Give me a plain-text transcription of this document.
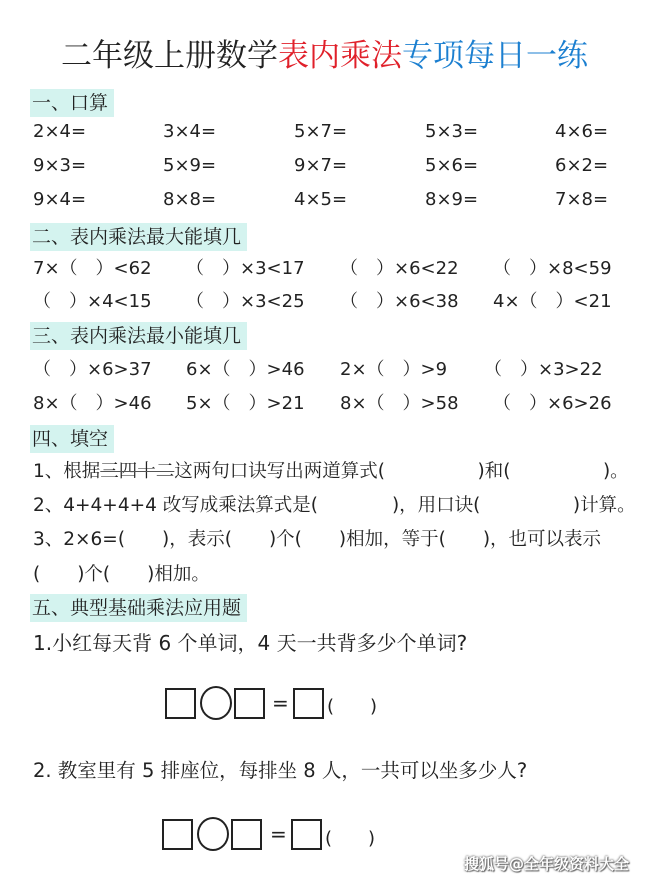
二年级上册数学表内乘法专项每日一练
一、口算
2×4=	3×4=	5×7=	5×3=	4×6=
9×3=	5×9=	9×7=	5×6=	6×2=
9×4=	8×8=	4×5=	8×9=	7×8=
二、表内乘法最大能填几
7×（　）<62 （　）×3<17 （　）×6<22 （　）×8<59
（　）×4<15 （　）×3<25 （　）×6<38 4×（　）<21
三、表内乘法最小能填几
（　）×6>37 6×（　）>46 2×（　）>9 （　）×3>22
8×（　）>46 5×（　）>21 8×（　）>58 （　）×6>26
四、填空
1、根据三四十二这两句口诀写出两道算式(　　　　　)和(　　　　　)。
2、4+4+4+4 改写成乘法算式是(　　　　)，用口诀(　　　　　)计算。
3、2×6=(　　)，表示(　　)个(　　)相加，等于(　　)，也可以表示
(　　)个(　　)相加。
五、典型基础乘法应用题
1.小红每天背 6 个单词，4 天一共背多少个单词?
= (　　)
2. 教室里有 5 排座位，每排坐 8 人，一共可以坐多少人?
= (　　)
搜狐号@全年级资料大全
